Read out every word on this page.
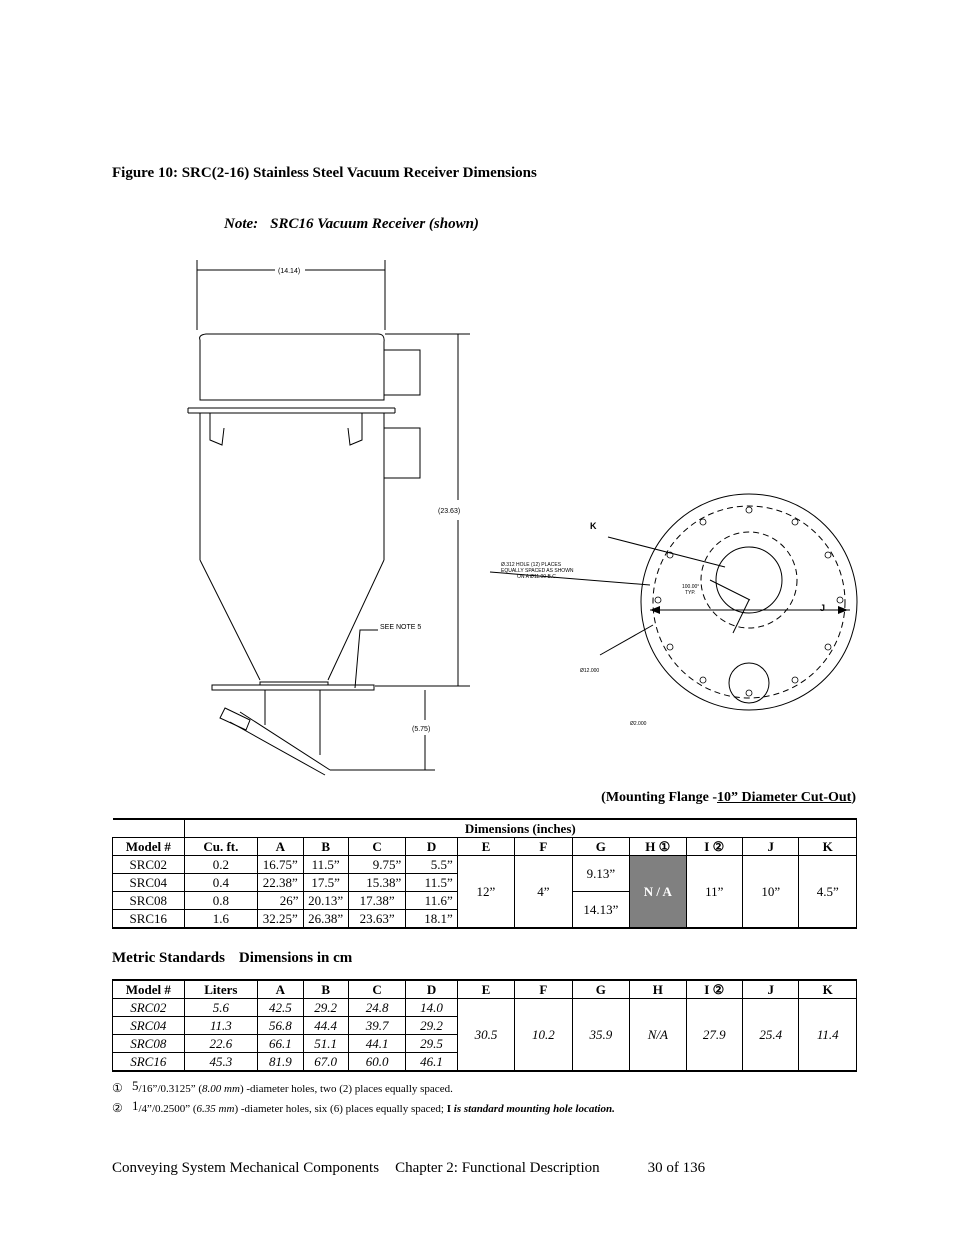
Figure 10: SRC(2-16) Stainless Steel Vacuum Receiver Dimensions
Note: SRC16 Vacuum Receiver (shown)
(14.14)
(23.63)
(5.75)
SEE NOTE 5
K
J
Ø.312 HOLE (12) PLACES
EQUALLY SPACED AS SHOWN
ON A Ø11.00 B.C.
100.00°
TYP.
Ø12.000
Ø2.000
(Mounting Flange -10” Diameter Cut-Out)
	Dimensions (inches)											
Model #	Cu. ft.	A	B	C	D	E	F	G	H ①	I ②	J	K
SRC02	0.2	16.75”	11.5”	9.75”	5.5”	12”	4”	9.13”	N / A	11”	10”	4.5”
SRC04	0.4	22.38”	17.5”	15.38”	11.5”							
SRC08	0.8	26”	20.13”	17.38”	11.6”			14.13”				
SRC16	1.6	32.25”	26.38”	23.63”	18.1”							
Metric Standards Dimensions in cm
Model #	Liters	A	B	C	D	E	F	G	H	I ②	J	K
SRC02	5.6	42.5	29.2	24.8	14.0	30.5	10.2	35.9	N/A	27.9	25.4	11.4
SRC04	11.3	56.8	44.4	39.7	29.2							
SRC08	22.6	66.1	51.1	44.1	29.5							
SRC16	45.3	81.9	67.0	60.0	46.1							
① $^5$/16”/0.3125” (8.00 mm) -diameter holes, two (2) places equally spaced.
② $^1$/4”/0.2500” (6.35 mm) -diameter holes, six (6) places equally spaced; I is standard mounting hole location.
Conveying System Mechanical Components Chapter 2: Functional Description	30 of 136
